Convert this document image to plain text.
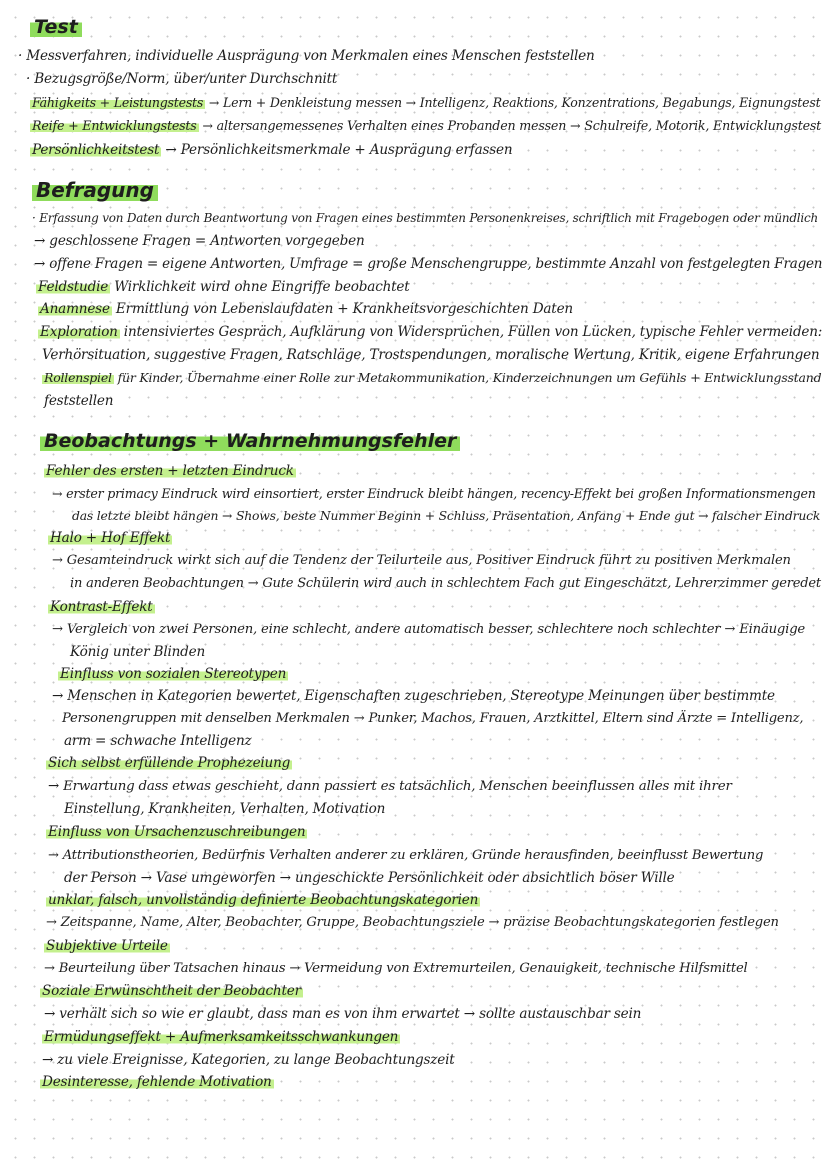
Test
· Messverfahren, individuelle Ausprägung von Merkmalen eines Menschen feststellen
· Bezugsgröße/Norm, über/unter Durchschnitt
Fähigkeits + Leistungstests → Lern + Denkleistung messen → Intelligenz, Reaktions, Konzentrations, Begabungs, Eignungstest
Reife + Entwicklungstests → altersangemessenes Verhalten eines Probanden messen → Schulreife, Motorik, Entwicklungstest
Persönlichkeitstest → Persönlichkeitsmerkmale + Ausprägung erfassen
Befragung
· Erfassung von Daten durch Beantwortung von Fragen eines bestimmten Personenkreises, schriftlich mit Fragebogen oder mündlich
→ geschlossene Fragen = Antworten vorgegeben
→ offene Fragen = eigene Antworten, Umfrage = große Menschengruppe, bestimmte Anzahl von festgelegten Fragen
Feldstudie Wirklichkeit wird ohne Eingriffe beobachtet
Anamnese Ermittlung von Lebenslaufdaten + Krankheitsvorgeschichten Daten
Exploration intensiviertes Gespräch, Aufklärung von Widersprüchen, Füllen von Lücken, typische Fehler vermeiden:
Verhörsituation, suggestive Fragen, Ratschläge, Trostspendungen, moralische Wertung, Kritik, eigene Erfahrungen
Rollenspiel für Kinder, Übernahme einer Rolle zur Metakommunikation, Kinderzeichnungen um Gefühls + Entwicklungsstand
feststellen
Beobachtungs + Wahrnehmungsfehler
Fehler des ersten + letzten Eindruck
→ erster primacy Eindruck wird einsortiert, erster Eindruck bleibt hängen, recency-Effekt bei großen Informationsmengen
das letzte bleibt hängen → Shows, beste Nummer Beginn + Schluss, Präsentation, Anfang + Ende gut → falscher Eindruck
Halo + Hof Effekt
→ Gesamteindruck wirkt sich auf die Tendenz der Teilurteile aus, Positiver Eindruck führt zu positiven Merkmalen
in anderen Beobachtungen → Gute Schülerin wird auch in schlechtem Fach gut Eingeschätzt, Lehrerzimmer geredet
Kontrast-Effekt
→ Vergleich von zwei Personen, eine schlecht, andere automatisch besser, schlechtere noch schlechter → Einäugige
König unter Blinden
Einfluss von sozialen Stereotypen
→ Menschen in Kategorien bewertet, Eigenschaften zugeschrieben, Stereotype Meinungen über bestimmte
Personengruppen mit denselben Merkmalen → Punker, Machos, Frauen, Arztkittel, Eltern sind Ärzte = Intelligenz,
arm = schwache Intelligenz
Sich selbst erfüllende Prophezeiung
→ Erwartung dass etwas geschieht, dann passiert es tatsächlich, Menschen beeinflussen alles mit ihrer
Einstellung, Krankheiten, Verhalten, Motivation
Einfluss von Ursachenzuschreibungen
→ Attributionstheorien, Bedürfnis Verhalten anderer zu erklären, Gründe herausfinden, beeinflusst Bewertung
der Person → Vase umgeworfen → ungeschickte Persönlichkeit oder absichtlich böser Wille
unklar, falsch, unvollständig definierte Beobachtungskategorien
→ Zeitspanne, Name, Alter, Beobachter, Gruppe, Beobachtungsziele → präzise Beobachtungskategorien festlegen
Subjektive Urteile
→ Beurteilung über Tatsachen hinaus → Vermeidung von Extremurteilen, Genauigkeit, technische Hilfsmittel
Soziale Erwünschtheit der Beobachter
→ verhält sich so wie er glaubt, dass man es von ihm erwartet → sollte austauschbar sein
Ermüdungseffekt + Aufmerksamkeitsschwankungen
→ zu viele Ereignisse, Kategorien, zu lange Beobachtungszeit
Desinteresse, fehlende Motivation
